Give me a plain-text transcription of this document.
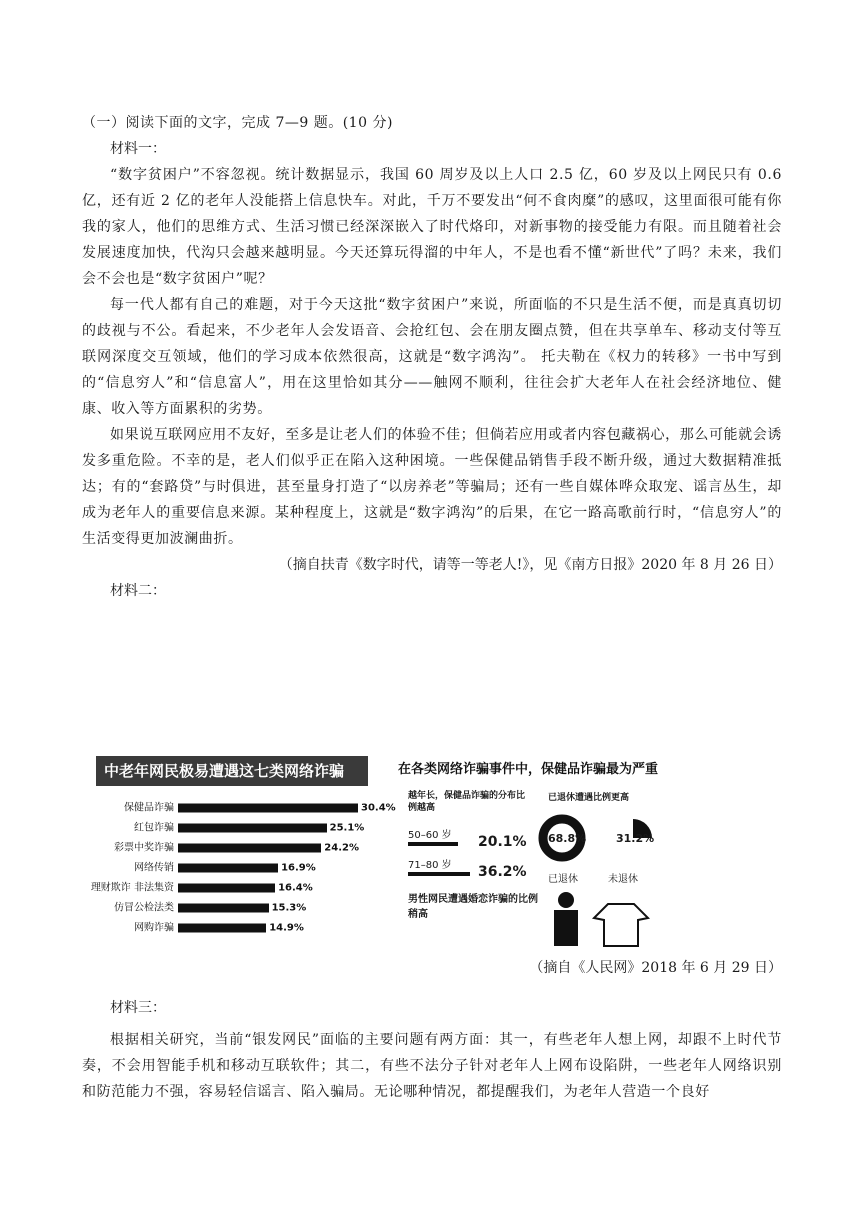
（一）阅读下面的文字，完成 7—9 题。(10 分)

材料一：

“数字贫困户”不容忽视。统计数据显示，我国 60 周岁及以上人口 2.5 亿，60 岁及以上网民只有 0.6 亿，还有近 2 亿的老年人没能搭上信息快车。对此，千万不要发出“何不食肉糜”的感叹，这里面很可能有你我的家人，他们的思维方式、生活习惯已经深深嵌入了时代烙印，对新事物的接受能力有限。而且随着社会发展速度加快，代沟只会越来越明显。今天还算玩得溜的中年人，不是也看不懂“新世代”了吗？未来，我们会不会也是“数字贫困户”呢？

每一代人都有自己的难题，对于今天这批“数字贫困户”来说，所面临的不只是生活不便，而是真真切切的歧视与不公。看起来，不少老年人会发语音、会抢红包、会在朋友圈点赞，但在共享单车、移动支付等互联网深度交互领域，他们的学习成本依然很高，这就是“数字鸿沟”。 托夫勒在《权力的转移》一书中写到的“信息穷人”和“信息富人”，用在这里恰如其分——触网不顺利，往往会扩大老年人在社会经济地位、健康、收入等方面累积的劣势。

如果说互联网应用不友好，至多是让老人们的体验不佳；但倘若应用或者内容包藏祸心，那么可能就会诱发多重危险。不幸的是，老人们似乎正在陷入这种困境。一些保健品销售手段不断升级，通过大数据精准抵达；有的“套路贷”与时俱进，甚至量身打造了“以房养老”等骗局；还有一些自媒体哗众取宠、谣言丛生，却成为老年人的重要信息来源。某种程度上，这就是“数字鸿沟”的后果，在它一路高歌前行时，“信息穷人”的生活变得更加波澜曲折。

（摘自扶青《数字时代，请等一等老人!》，见《南方日报》2020 年 8 月 26 日）

材料二：

中老年网民极易遭遇这七类网络诈骗
保健品诈骗	30.4%
红包诈骗	25.1%
彩票中奖诈骗	24.2%
网络传销	16.9%
理财欺诈 非法集资	16.4%
仿冒公检法类	15.3%
网购诈骗	14.9%
在各类网络诈骗事件中，保健品诈骗最为严重
越年长，保健品诈骗的分布比例越高
已退休遭遇比例更高
50–60 岁 20.1%
71–80 岁 36.2%
男性网民遭遇婚恋诈骗的比例稍高
68.8%	31.2%
已退休	未退休

（摘自《人民网》2018 年 6 月 29 日）

材料三：

根据相关研究，当前“银发网民”面临的主要问题有两方面：其一，有些老年人想上网，却跟不上时代节奏，不会用智能手机和移动互联软件；其二，有些不法分子针对老年人上网布设陷阱，一些老年人网络识别和防范能力不强，容易轻信谣言、陷入骗局。无论哪种情况，都提醒我们，为老年人营造一个良好
